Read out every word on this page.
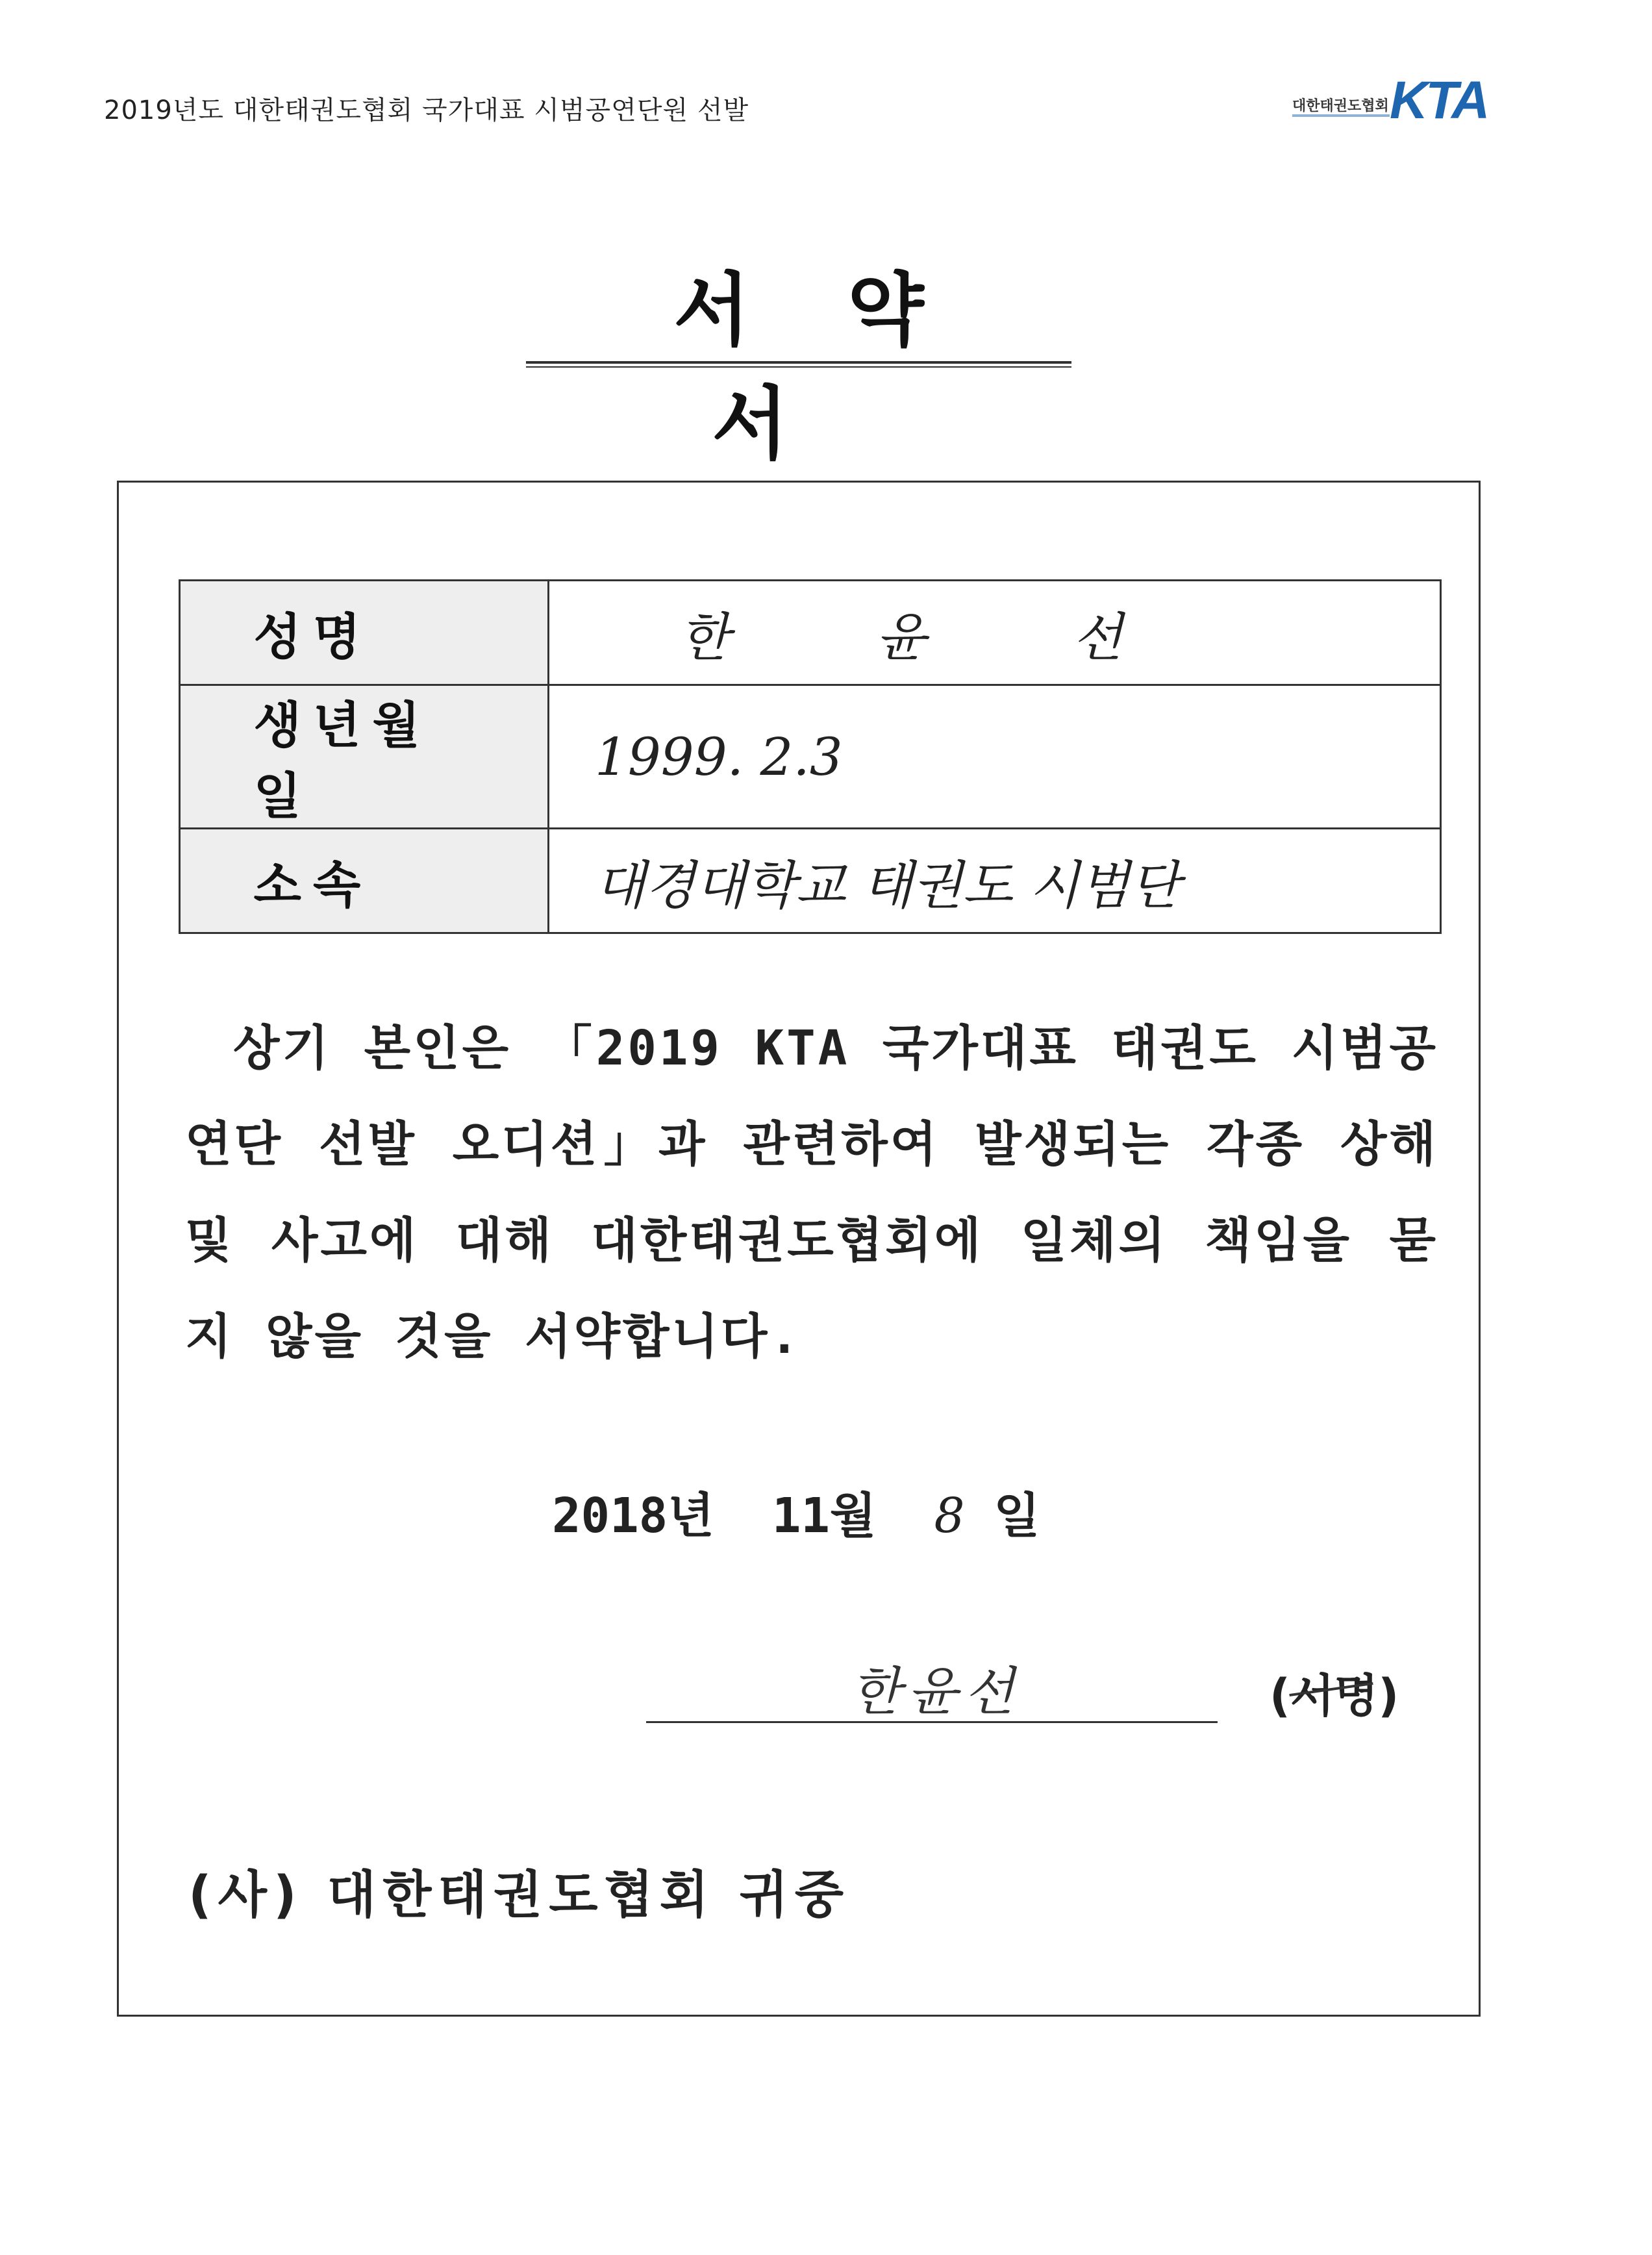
2019년도 대한태권도협회 국가대표 시범공연단원 선발	대한태권도협회 KTA
서약서
성명	한 윤 선
생년월일	1999. 2.3
소속	대경대학교 태권도 시범단
상기 본인은 「2019 KTA 국가대표 태권도 시범공연단 선발 오디션」과 관련하여 발생되는 각종 상해 및 사고에 대해 대한태권도협회에 일체의 책임을 묻지 않을 것을 서약합니다.
2018년 11월 8 일
한윤선	(서명)
(사) 대한태권도협회 귀중
